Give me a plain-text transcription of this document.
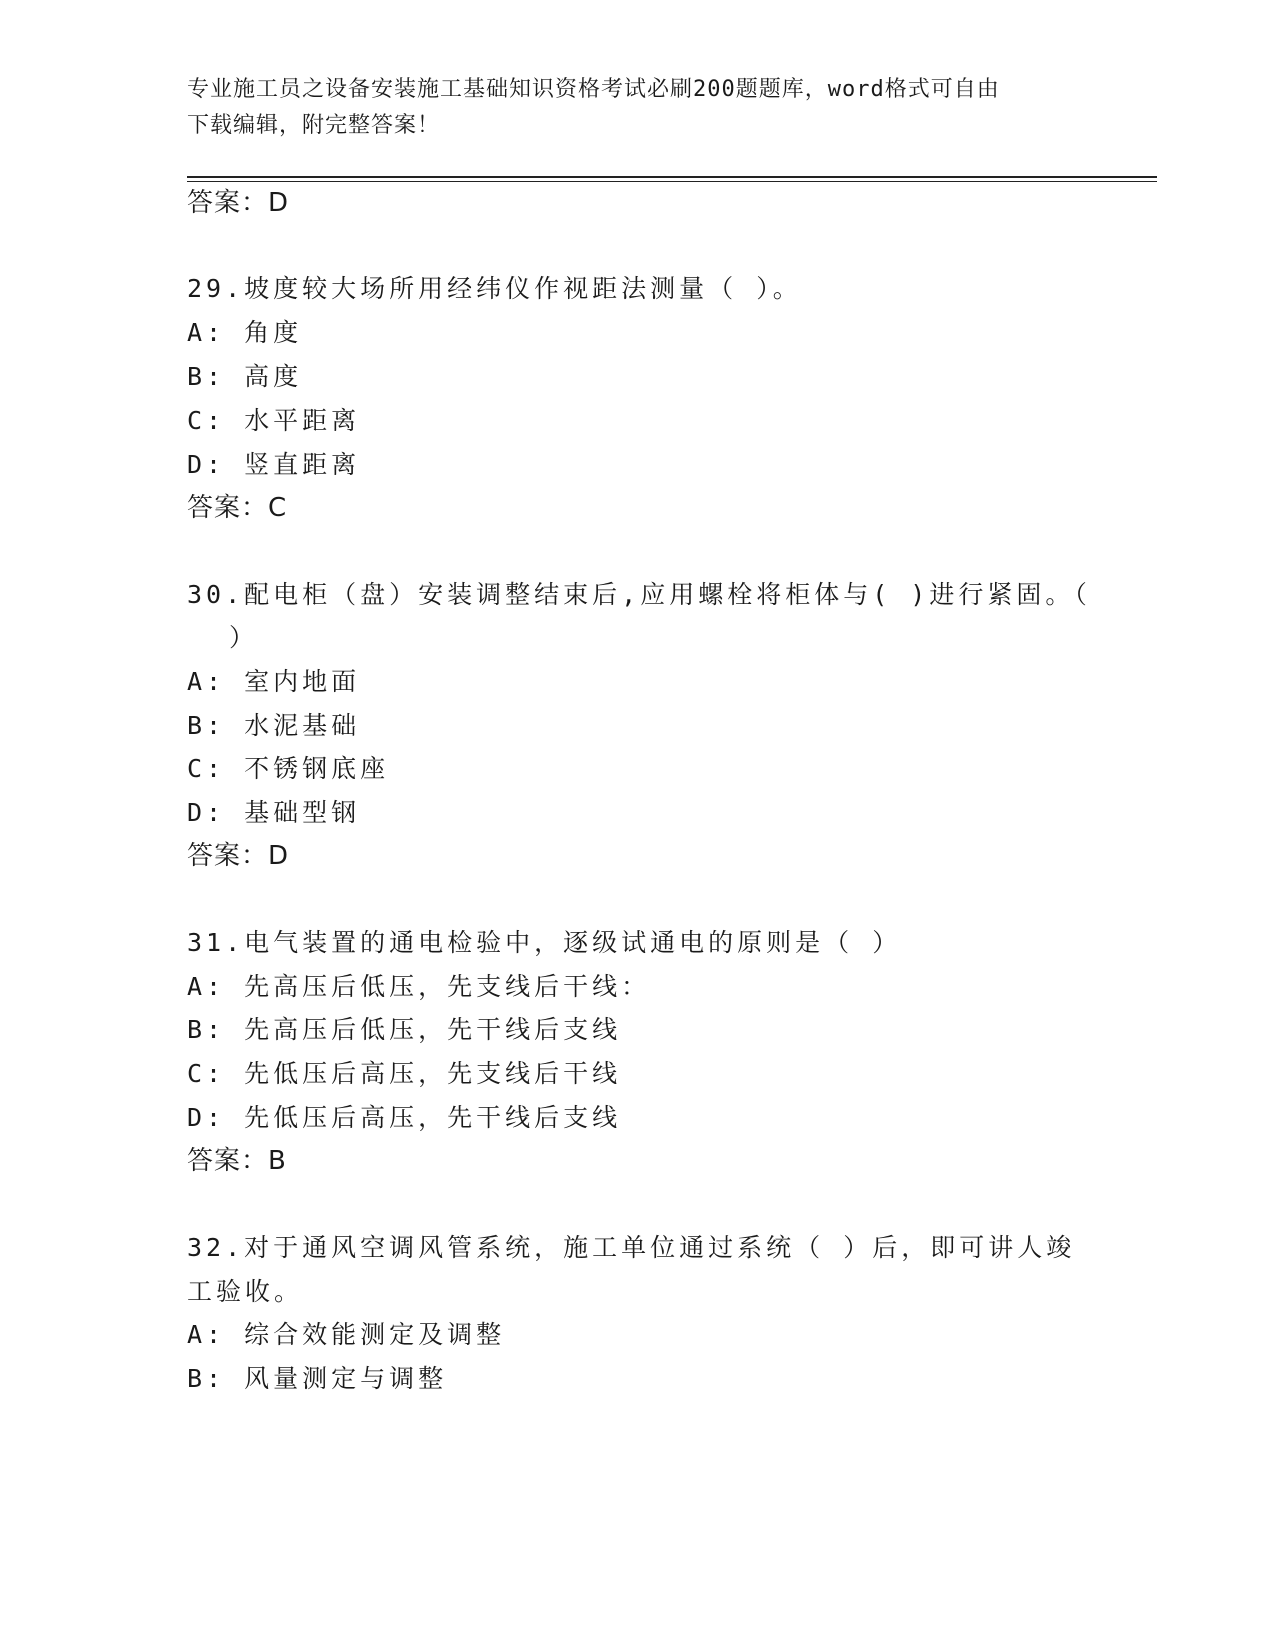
专业施工员之设备安装施工基础知识资格考试必刷200题题库，word格式可自由
下载编辑，附完整答案！
答案：D
29.坡度较大场所用经纬仪作视距法测量（ ）。
A: 角度
B: 高度
C: 水平距离
D: 竖直距离
答案：C
30.配电柜（盘）安装调整结束后,应用螺栓将柜体与( )进行紧固。（
）
A: 室内地面
B: 水泥基础
C: 不锈钢底座
D: 基础型钢
答案：D
31.电气装置的通电检验中，逐级试通电的原则是（ ）
A: 先高压后低压，先支线后干线：
B: 先高压后低压，先干线后支线
C: 先低压后高压，先支线后干线
D: 先低压后高压，先干线后支线
答案：B
32.对于通风空调风管系统，施工单位通过系统（ ）后，即可讲人竣
工验收。
A: 综合效能测定及调整
B: 风量测定与调整
